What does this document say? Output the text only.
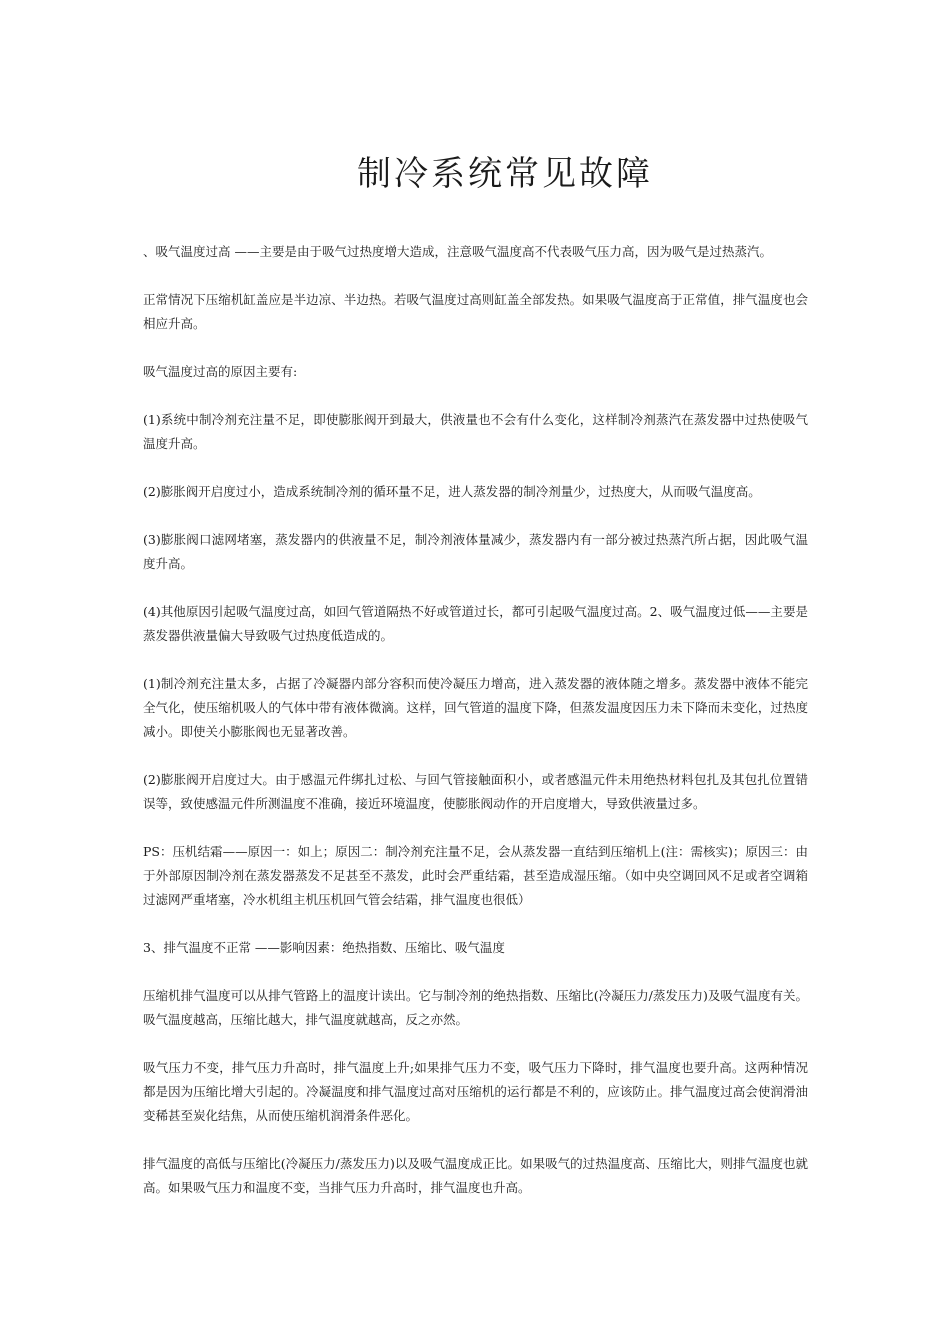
制冷系统常见故障

、吸气温度过高 ——主要是由于吸气过热度增大造成，注意吸气温度高不代表吸气压力高，因为吸气是过热蒸汽。

正常情况下压缩机缸盖应是半边凉、半边热。若吸气温度过高则缸盖全部发热。如果吸气温度高于正常值，排气温度也会相应升高。

吸气温度过高的原因主要有:

(1)系统中制冷剂充注量不足，即使膨胀阀开到最大，供液量也不会有什么变化，这样制冷剂蒸汽在蒸发器中过热使吸气温度升高。

(2)膨胀阀开启度过小，造成系统制冷剂的循环量不足，进人蒸发器的制冷剂量少，过热度大，从而吸气温度高。

(3)膨胀阀口滤网堵塞，蒸发器内的供液量不足，制冷剂液体量减少，蒸发器内有一部分被过热蒸汽所占据，因此吸气温度升高。

(4)其他原因引起吸气温度过高，如回气管道隔热不好或管道过长，都可引起吸气温度过高。2、吸气温度过低——主要是蒸发器供液量偏大导致吸气过热度低造成的。

(1)制冷剂充注量太多，占据了冷凝器内部分容积而使冷凝压力增高，进入蒸发器的液体随之增多。蒸发器中液体不能完全气化，使压缩机吸人的气体中带有液体微滴。这样，回气管道的温度下降，但蒸发温度因压力未下降而未变化，过热度减小。即使关小膨胀阀也无显著改善。

(2)膨胀阀开启度过大。由于感温元件绑扎过松、与回气管接触面积小，或者感温元件未用绝热材料包扎及其包扎位置错误等，致使感温元件所测温度不准确，接近环境温度，使膨胀阀动作的开启度增大，导致供液量过多。

PS：压机结霜——原因一：如上；原因二：制冷剂充注量不足，会从蒸发器一直结到压缩机上(注：需核实)；原因三：由于外部原因制冷剂在蒸发器蒸发不足甚至不蒸发，此时会严重结霜，甚至造成湿压缩。（如中央空调回风不足或者空调箱过滤网严重堵塞，冷水机组主机压机回气管会结霜，排气温度也很低）

3、排气温度不正常 ——影响因素：绝热指数、压缩比、吸气温度

压缩机排气温度可以从排气管路上的温度计读出。它与制冷剂的绝热指数、压缩比(冷凝压力/蒸发压力)及吸气温度有关。吸气温度越高，压缩比越大，排气温度就越高，反之亦然。

吸气压力不变，排气压力升高时，排气温度上升;如果排气压力不变，吸气压力下降时，排气温度也要升高。这两种情况都是因为压缩比增大引起的。冷凝温度和排气温度过高对压缩机的运行都是不利的，应该防止。排气温度过高会使润滑油变稀甚至炭化结焦，从而使压缩机润滑条件恶化。

排气温度的高低与压缩比(冷凝压力/蒸发压力)以及吸气温度成正比。如果吸气的过热温度高、压缩比大，则排气温度也就高。如果吸气压力和温度不变，当排气压力升高时，排气温度也升高。
